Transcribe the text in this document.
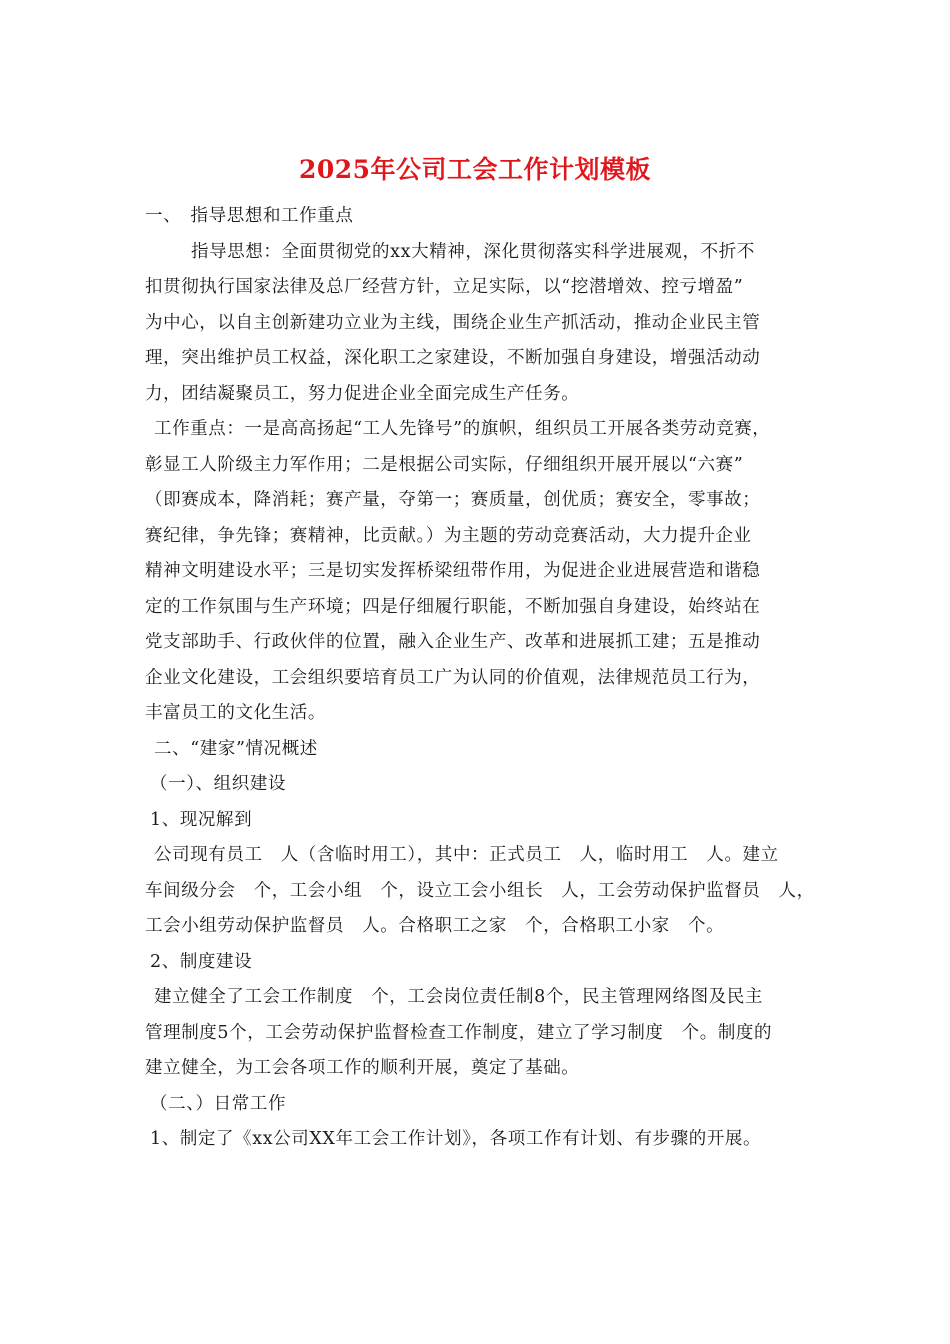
2025年公司工会工作计划模板
一、　指导思想和工作重点
指导思想：全面贯彻党的xx大精神，深化贯彻落实科学进展观，不折不
扣贯彻执行国家法律及总厂经营方针，立足实际，以“挖潜增效、控亏增盈”
为中心，以自主创新建功立业为主线，围绕企业生产抓活动，推动企业民主管
理，突出维护员工权益，深化职工之家建设，不断加强自身建设，增强活动动
力，团结凝聚员工，努力促进企业全面完成生产任务。
工作重点：一是高高扬起“工人先锋号”的旗帜，组织员工开展各类劳动竞赛，
彰显工人阶级主力军作用；二是根据公司实际，仔细组织开展开展以“六赛”
（即赛成本，降消耗；赛产量，夺第一；赛质量，创优质；赛安全，零事故；
赛纪律，争先锋；赛精神，比贡献。）为主题的劳动竞赛活动，大力提升企业
精神文明建设水平；三是切实发挥桥梁纽带作用，为促进企业进展营造和谐稳
定的工作氛围与生产环境；四是仔细履行职能，不断加强自身建设，始终站在
党支部助手、行政伙伴的位置，融入企业生产、改革和进展抓工建；五是推动
企业文化建设，工会组织要培育员工广为认同的价值观，法律规范员工行为，
丰富员工的文化生活。
二、“建家”情况概述
（一）、组织建设
1、现况解到
公司现有员工　人（含临时用工），其中：正式员工　人，临时用工　人。建立
车间级分会　个，工会小组　个，设立工会小组长　人，工会劳动保护监督员　人，
工会小组劳动保护监督员　人。合格职工之家　个，合格职工小家　个。
2、制度建设
建立健全了工会工作制度　个，工会岗位责任制8个，民主管理网络图及民主
管理制度5个，工会劳动保护监督检查工作制度，建立了学习制度　个。制度的
建立健全，为工会各项工作的顺利开展，奠定了基础。
（二、）日常工作
1、制定了《xx公司XX年工会工作计划》，各项工作有计划、有步骤的开展。
